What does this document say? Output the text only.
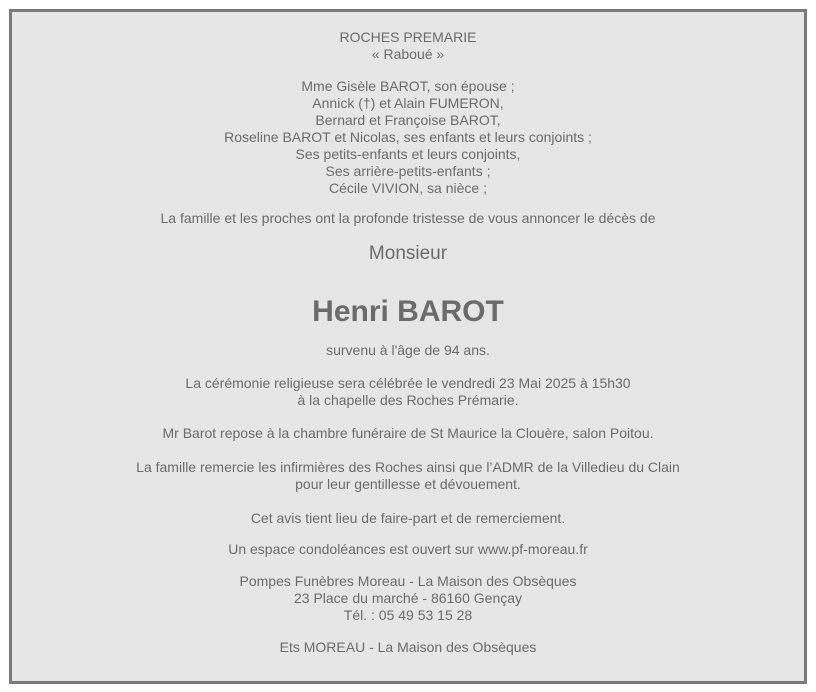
ROCHES PREMARIE
« Raboué »
Mme Gisèle BAROT, son épouse ;
Annick (†) et Alain FUMERON,
Bernard et Françoise BAROT,
Roseline BAROT et Nicolas, ses enfants et leurs conjoints ;
Ses petits-enfants et leurs conjoints,
Ses arrière-petits-enfants ;
Cécile VIVION, sa nièce ;
La famille et les proches ont la profonde tristesse de vous annoncer le décès de
Monsieur
Henri BAROT
survenu à l'âge de 94 ans.
La cérémonie religieuse sera célébrée le vendredi 23 Mai 2025 à 15h30
à la chapelle des Roches Prémarie.
Mr Barot repose à la chambre funéraire de St Maurice la Clouère, salon Poitou.
La famille remercie les infirmières des Roches ainsi que l’ADMR de la Villedieu du Clain
pour leur gentillesse et dévouement.
Cet avis tient lieu de faire-part et de remerciement.
Un espace condoléances est ouvert sur www.pf-moreau.fr
Pompes Funèbres Moreau - La Maison des Obsèques
23 Place du marché - 86160 Gençay
Tél. : 05 49 53 15 28
Ets MOREAU - La Maison des Obsèques
